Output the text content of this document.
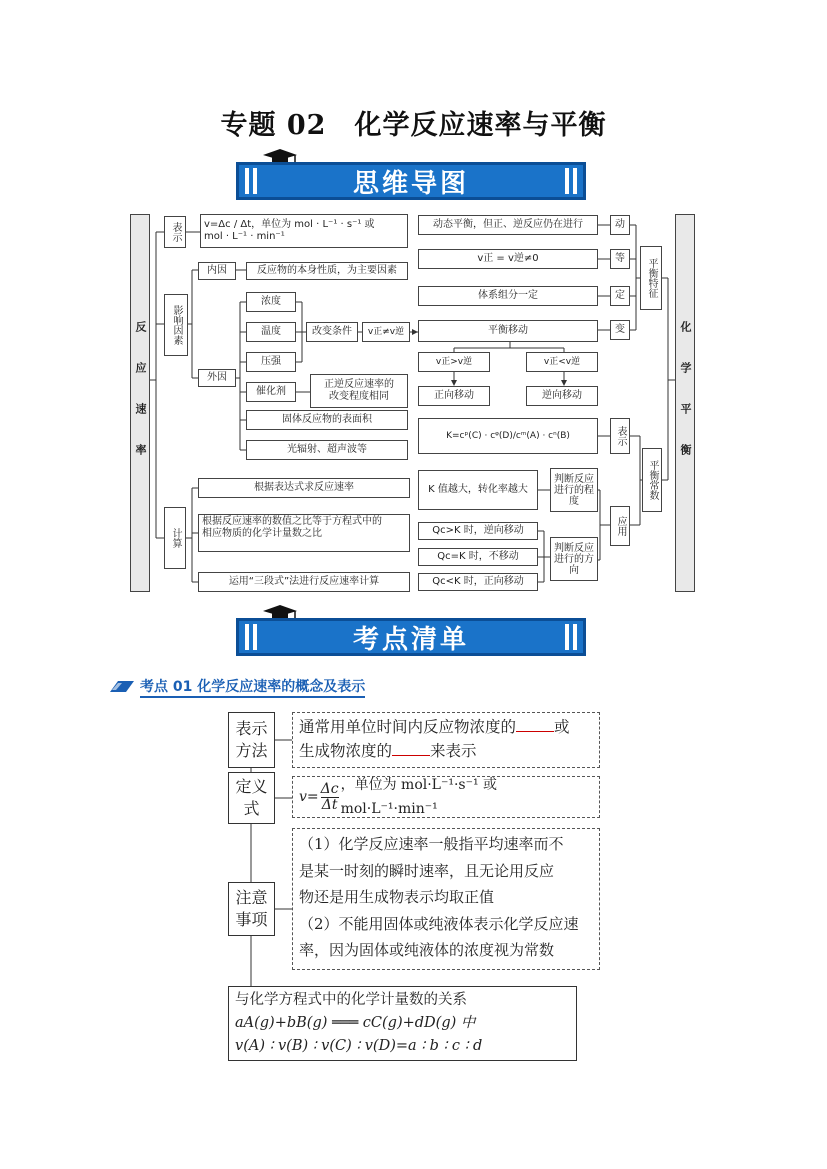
专题 02　化学反应速率与平衡
思维导图
反应速率	化学平衡
表示	v=Δc / Δt，单位为 mol · L⁻¹ · s⁻¹ 或
mol · L⁻¹ · min⁻¹
影响因素
内因	反应物的本身性质，为主要因素
外因
浓度
温度
压强
催化剂
正逆反应速率的
改变程度相同
固体反应物的表面积
光辐射、超声波等
改变条件	v正≠v逆	平衡移动
v正>v逆	v正<v逆
正向移动	逆向移动
动态平衡，但正、逆反应仍在进行	动
v正 = v逆≠0	等
体系组分一定	定
变
平衡特征
K=cᵖ(C) · cᵠ(D)/cᵐ(A) · cⁿ(B)	表示
平衡常数
K 值越大，转化率越大
判断反应进行的程度
应用
Qc>K 时，逆向移动
Qc=K 时，不移动
Qc<K 时，正向移动
判断反应进行的方向
计算
根据表达式求反应速率
根据反应速率的数值之比等于方程式中的
相应物质的化学计量数之比
运用“三段式”法进行反应速率计算
考点清单
考点 01 化学反应速率的概念及表示
表示方法
通常用单位时间内反应物浓度的 或
生成物浓度的 来表示
定义式
$v= \frac{\Delta c}{\Delta t}$ ，单位为 mol·L⁻¹·s⁻¹ 或 mol·L⁻¹·min⁻¹
注意事项
（1）化学反应速率一般指平均速率而不
是某一时刻的瞬时速率，且无论用反应
物还是用生成物表示均取正值
（2）不能用固体或纯液体表示化学反应速
率，因为固体或纯液体的浓度视为常数
与化学方程式中的化学计量数的关系
aA(g)+bB(g) ═══ cC(g)+dD(g) 中
v(A) ∶ v(B) ∶ v(C) ∶ v(D)=a ∶ b ∶ c ∶ d
